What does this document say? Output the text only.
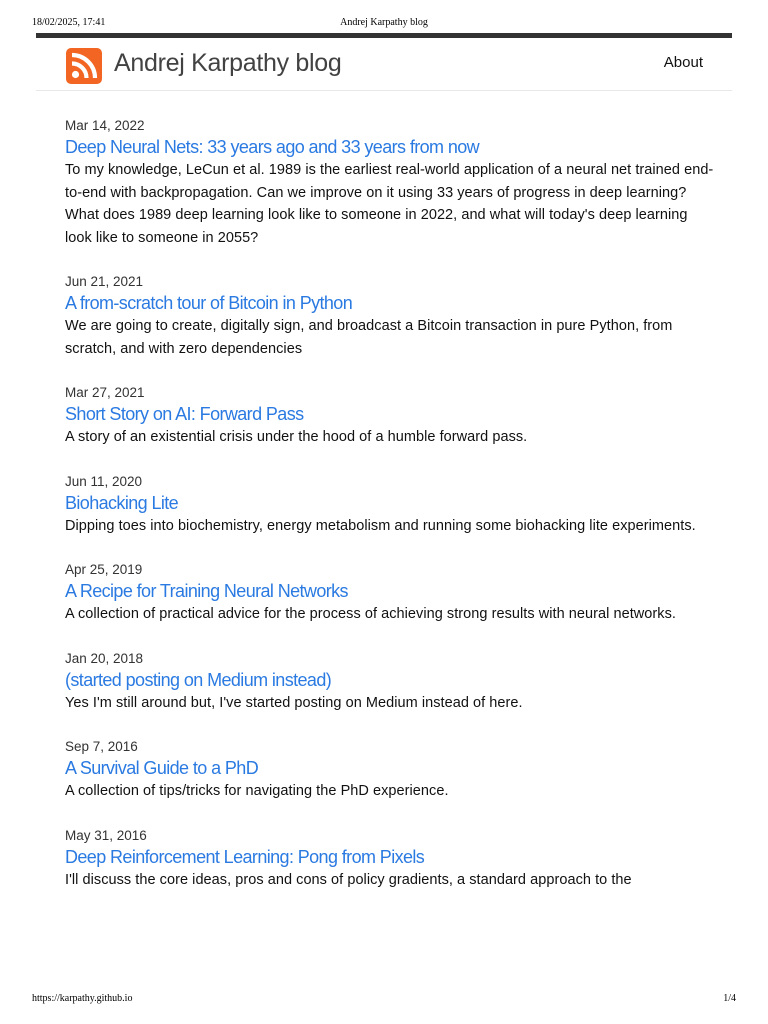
18/02/2025, 17:41	Andrej Karpathy blog
Andrej Karpathy blog	About
Mar 14, 2022
Deep Neural Nets: 33 years ago and 33 years from now

To my knowledge, LeCun et al. 1989 is the earliest real-world application of a neural net trained end-to-end with backpropagation. Can we improve on it using 33 years of progress in deep learning? What does 1989 deep learning look like to someone in 2022, and what will today's deep learning look like to someone in 2055?

Jun 21, 2021
A from-scratch tour of Bitcoin in Python

We are going to create, digitally sign, and broadcast a Bitcoin transaction in pure Python, from scratch, and with zero dependencies

Mar 27, 2021
Short Story on AI: Forward Pass

A story of an existential crisis under the hood of a humble forward pass.

Jun 11, 2020
Biohacking Lite

Dipping toes into biochemistry, energy metabolism and running some biohacking lite experiments.

Apr 25, 2019
A Recipe for Training Neural Networks

A collection of practical advice for the process of achieving strong results with neural networks.

Jan 20, 2018
(started posting on Medium instead)

Yes I'm still around but, I've started posting on Medium instead of here.

Sep 7, 2016
A Survival Guide to a PhD

A collection of tips/tricks for navigating the PhD experience.

May 31, 2016
Deep Reinforcement Learning: Pong from Pixels

I'll discuss the core ideas, pros and cons of policy gradients, a standard approach to the

https://karpathy.github.io	1/4
